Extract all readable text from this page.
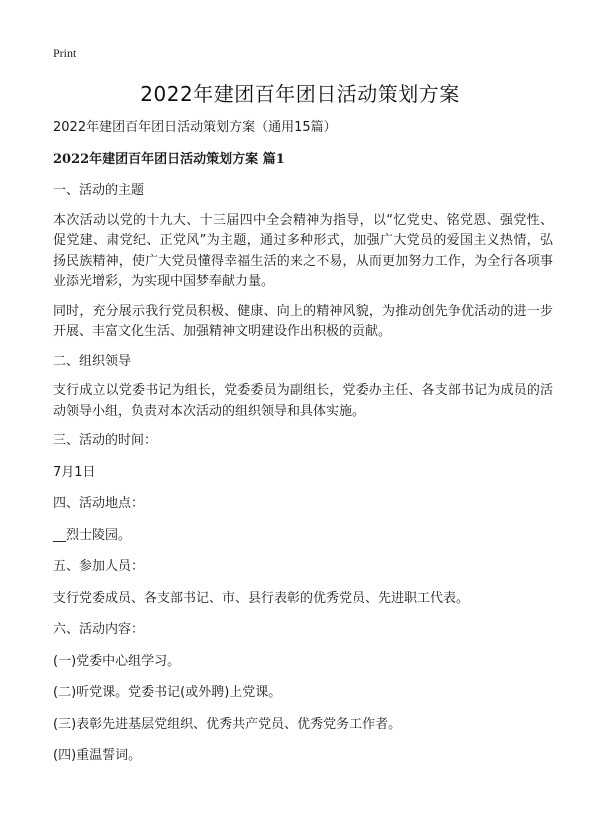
Print
2022年建团百年团日活动策划方案

2022年建团百年团日活动策划方案（通用15篇）

2022年建团百年团日活动策划方案 篇1

一、活动的主题

本次活动以党的十九大、十三届四中全会精神为指导，以“忆党史、铭党恩、强党性、促党建、肃党纪、正党风”为主题，通过多种形式，加强广大党员的爱国主义热情，弘扬民族精神，使广大党员懂得幸福生活的来之不易，从而更加努力工作，为全行各项事业添光增彩，为实现中国梦奉献力量。

同时，充分展示我行党员积极、健康、向上的精神风貌，为推动创先争优活动的进一步开展、丰富文化生活、加强精神文明建设作出积极的贡献。

二、组织领导

支行成立以党委书记为组长，党委委员为副组长，党委办主任、各支部书记为成员的活动领导小组，负责对本次活动的组织领导和具体实施。

三、活动的时间：

7月1日

四、活动地点：

__烈士陵园。

五、参加人员：

支行党委成员、各支部书记、市、县行表彰的优秀党员、先进职工代表。

六、活动内容：

(一)党委中心组学习。

(二)听党课。党委书记(或外聘)上党课。

(三)表彰先进基层党组织、优秀共产党员、优秀党务工作者。

(四)重温誓词。
